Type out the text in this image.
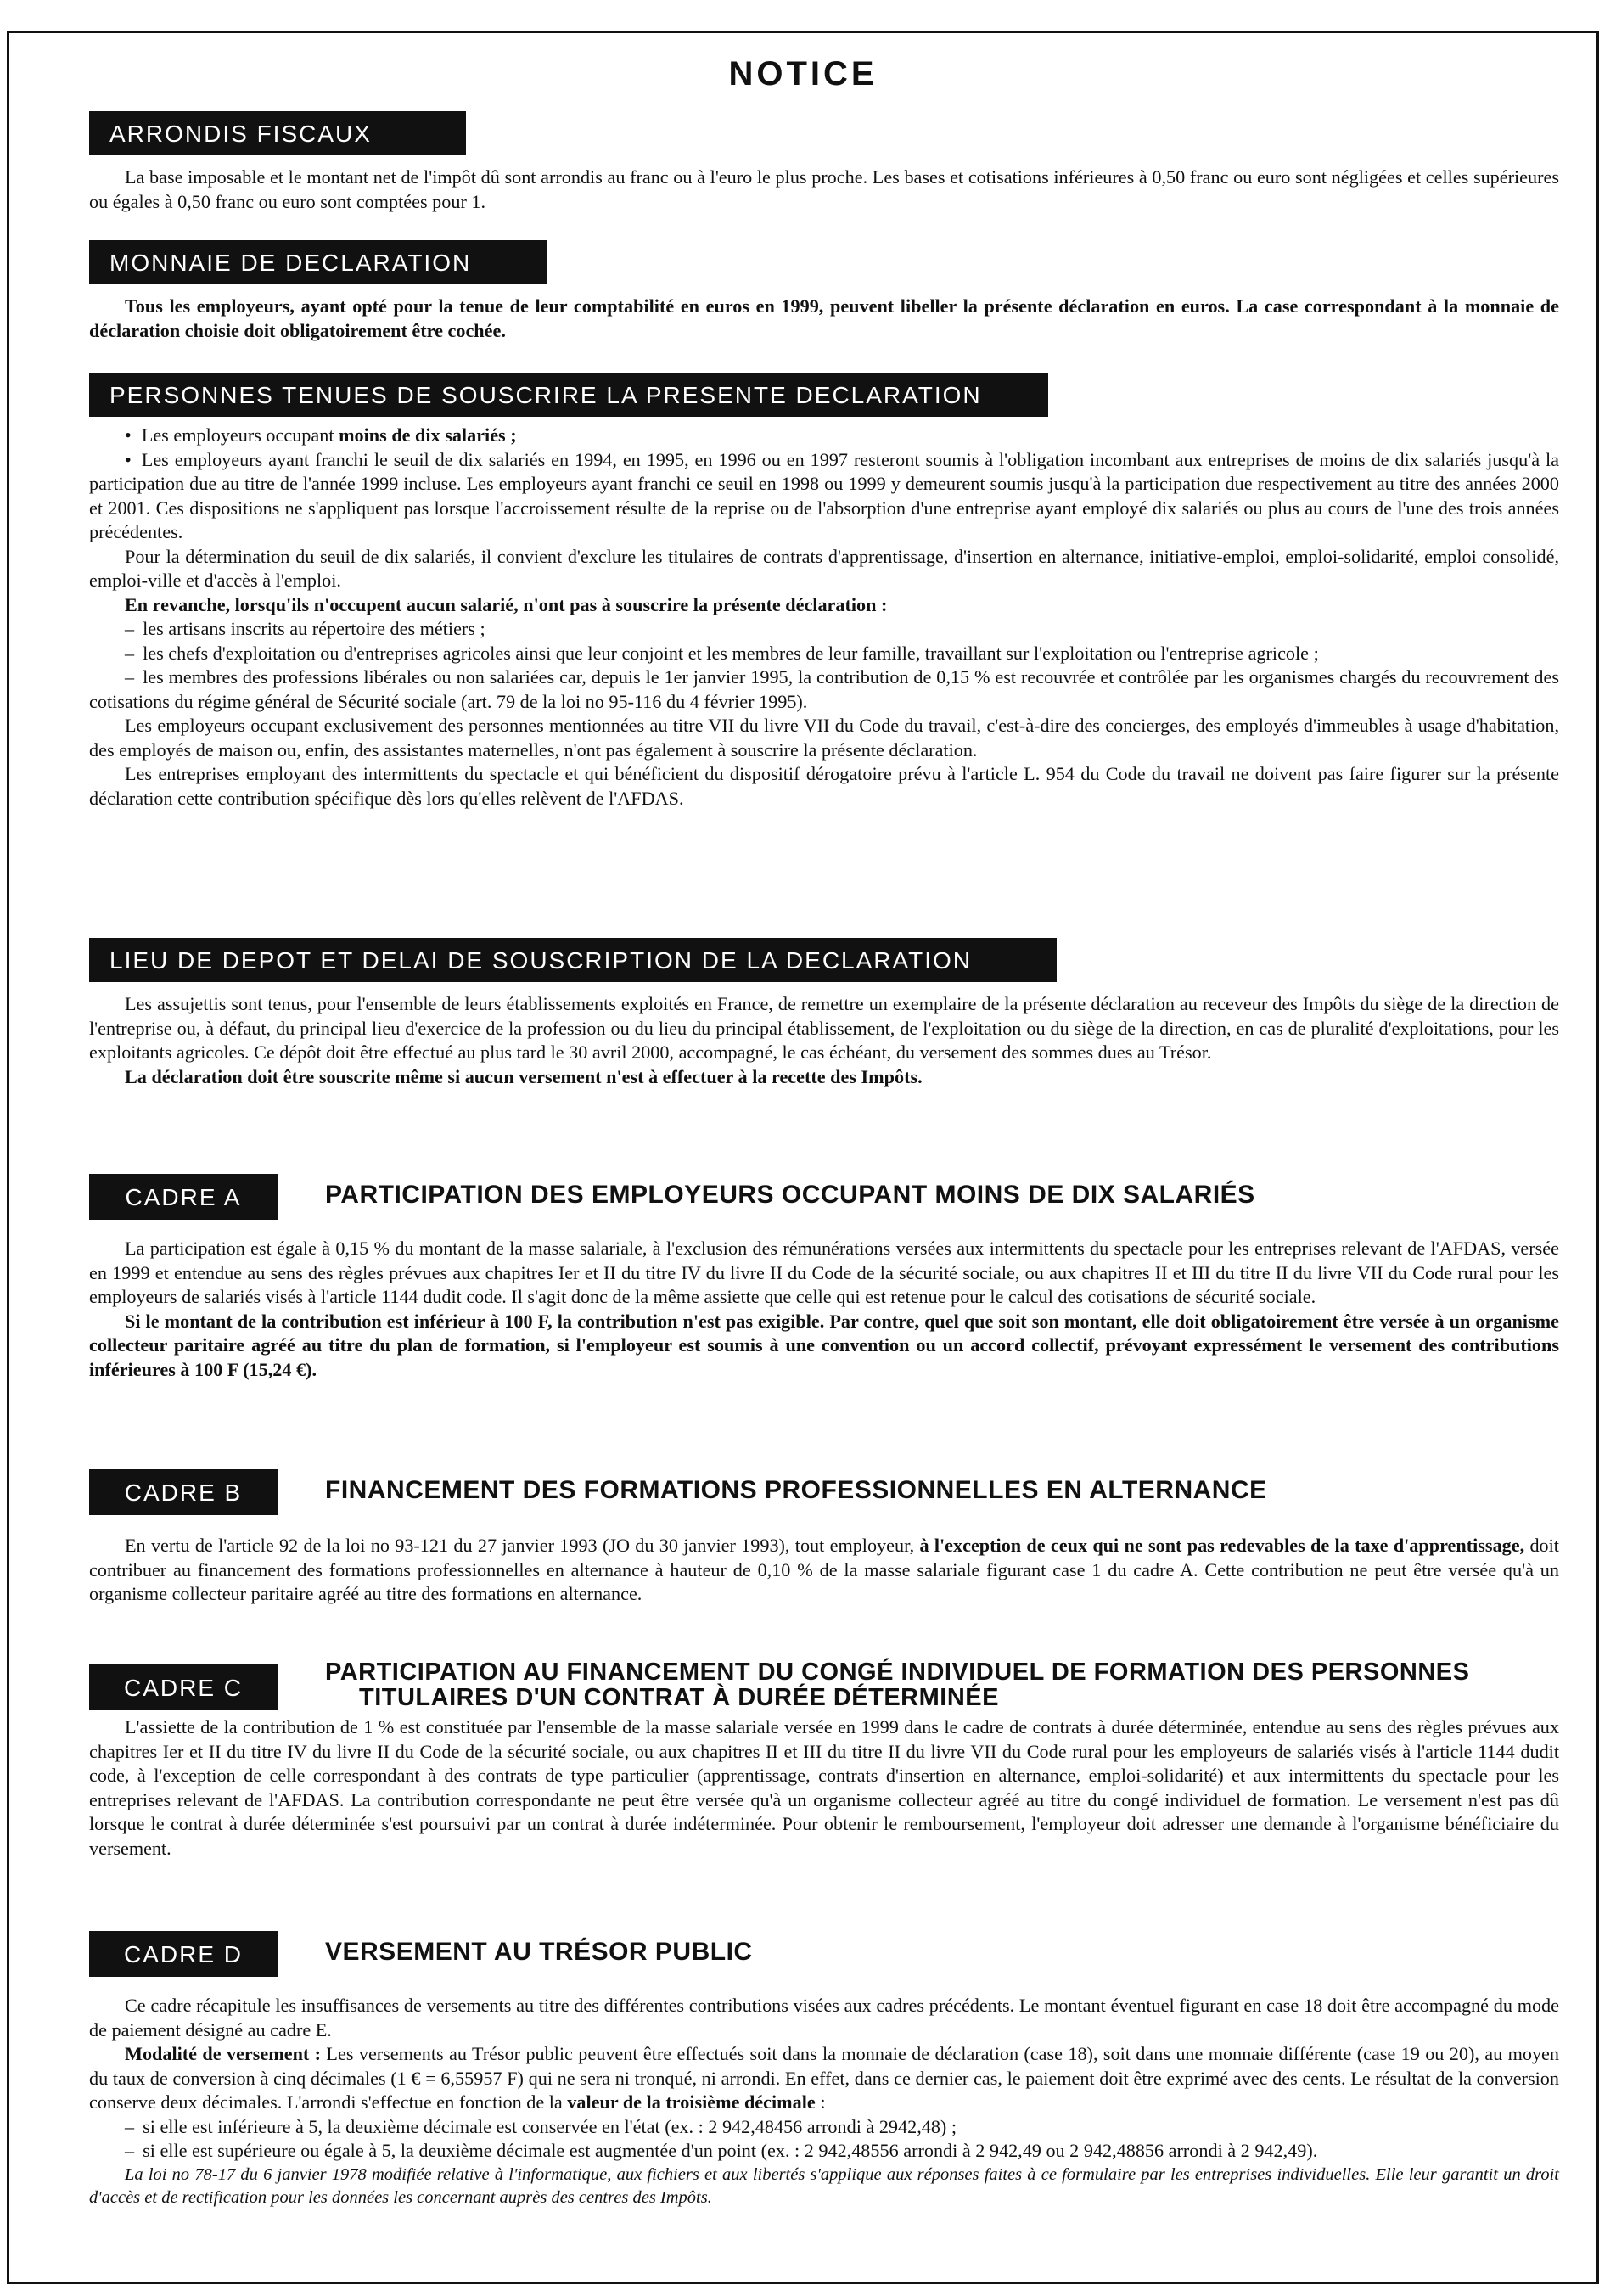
NOTICE
ARRONDIS FISCAUX

La base imposable et le montant net de l'impôt dû sont arrondis au franc ou à l'euro le plus proche. Les bases et cotisations inférieures à 0,50 franc ou euro sont négligées et celles supérieures ou égales à 0,50 franc ou euro sont comptées pour 1.

MONNAIE DE DECLARATION

Tous les employeurs, ayant opté pour la tenue de leur comptabilité en euros en 1999, peuvent libeller la présente déclaration en euros. La case correspondant à la monnaie de déclaration choisie doit obligatoirement être cochée.

PERSONNES TENUES DE SOUSCRIRE LA PRESENTE DECLARATION

• Les employeurs occupant moins de dix salariés ;

• Les employeurs ayant franchi le seuil de dix salariés en 1994, en 1995, en 1996 ou en 1997 resteront soumis à l'obligation incombant aux entreprises de moins de dix salariés jusqu'à la participation due au titre de l'année 1999 incluse. Les employeurs ayant franchi ce seuil en 1998 ou 1999 y demeurent soumis jusqu'à la participation due respectivement au titre des années 2000 et 2001. Ces dispositions ne s'appliquent pas lorsque l'accroissement résulte de la reprise ou de l'absorption d'une entreprise ayant employé dix salariés ou plus au cours de l'une des trois années précédentes.

Pour la détermination du seuil de dix salariés, il convient d'exclure les titulaires de contrats d'apprentissage, d'insertion en alternance, initiative-emploi, emploi-solidarité, emploi consolidé, emploi-ville et d'accès à l'emploi.

En revanche, lorsqu'ils n'occupent aucun salarié, n'ont pas à souscrire la présente déclaration :

– les artisans inscrits au répertoire des métiers ;

– les chefs d'exploitation ou d'entreprises agricoles ainsi que leur conjoint et les membres de leur famille, travaillant sur l'exploitation ou l'entreprise agricole ;

– les membres des professions libérales ou non salariées car, depuis le 1er janvier 1995, la contribution de 0,15 % est recouvrée et contrôlée par les organismes chargés du recouvrement des cotisations du régime général de Sécurité sociale (art. 79 de la loi no 95-116 du 4 février 1995).

Les employeurs occupant exclusivement des personnes mentionnées au titre VII du livre VII du Code du travail, c'est-à-dire des concierges, des employés d'immeubles à usage d'habitation, des employés de maison ou, enfin, des assistantes maternelles, n'ont pas également à souscrire la présente déclaration.

Les entreprises employant des intermittents du spectacle et qui bénéficient du dispositif dérogatoire prévu à l'article L. 954 du Code du travail ne doivent pas faire figurer sur la présente déclaration cette contribution spécifique dès lors qu'elles relèvent de l'AFDAS.

LIEU DE DEPOT ET DELAI DE SOUSCRIPTION DE LA DECLARATION

Les assujettis sont tenus, pour l'ensemble de leurs établissements exploités en France, de remettre un exemplaire de la présente déclaration au receveur des Impôts du siège de la direction de l'entreprise ou, à défaut, du principal lieu d'exercice de la profession ou du lieu du principal établissement, de l'exploitation ou du siège de la direction, en cas de pluralité d'exploitations, pour les exploitants agricoles. Ce dépôt doit être effectué au plus tard le 30 avril 2000, accompagné, le cas échéant, du versement des sommes dues au Trésor.

La déclaration doit être souscrite même si aucun versement n'est à effectuer à la recette des Impôts.

CADRE A	PARTICIPATION DES EMPLOYEURS OCCUPANT MOINS DE DIX SALARIÉS

La participation est égale à 0,15 % du montant de la masse salariale, à l'exclusion des rémunérations versées aux intermittents du spectacle pour les entreprises relevant de l'AFDAS, versée en 1999 et entendue au sens des règles prévues aux chapitres Ier et II du titre IV du livre II du Code de la sécurité sociale, ou aux chapitres II et III du titre II du livre VII du Code rural pour les employeurs de salariés visés à l'article 1144 dudit code. Il s'agit donc de la même assiette que celle qui est retenue pour le calcul des cotisations de sécurité sociale.

Si le montant de la contribution est inférieur à 100 F, la contribution n'est pas exigible. Par contre, quel que soit son montant, elle doit obligatoirement être versée à un organisme collecteur paritaire agréé au titre du plan de formation, si l'employeur est soumis à une convention ou un accord collectif, prévoyant expressément le versement des contributions inférieures à 100 F (15,24 €).

CADRE B	FINANCEMENT DES FORMATIONS PROFESSIONNELLES EN ALTERNANCE

En vertu de l'article 92 de la loi no 93-121 du 27 janvier 1993 (JO du 30 janvier 1993), tout employeur, à l'exception de ceux qui ne sont pas redevables de la taxe d'apprentissage, doit contribuer au financement des formations professionnelles en alternance à hauteur de 0,10 % de la masse salariale figurant case 1 du cadre A. Cette contribution ne peut être versée qu'à un organisme collecteur paritaire agréé au titre des formations en alternance.

CADRE C
PARTICIPATION AU FINANCEMENT DU CONGÉ INDIVIDUEL DE FORMATION DES PERSONNES
TITULAIRES D'UN CONTRAT À DURÉE DÉTERMINÉE

L'assiette de la contribution de 1 % est constituée par l'ensemble de la masse salariale versée en 1999 dans le cadre de contrats à durée déterminée, entendue au sens des règles prévues aux chapitres Ier et II du titre IV du livre II du Code de la sécurité sociale, ou aux chapitres II et III du titre II du livre VII du Code rural pour les employeurs de salariés visés à l'article 1144 dudit code, à l'exception de celle correspondant à des contrats de type particulier (apprentissage, contrats d'insertion en alternance, emploi-solidarité) et aux intermittents du spectacle pour les entreprises relevant de l'AFDAS. La contribution correspondante ne peut être versée qu'à un organisme collecteur agréé au titre du congé individuel de formation. Le versement n'est pas dû lorsque le contrat à durée déterminée s'est poursuivi par un contrat à durée indéterminée. Pour obtenir le remboursement, l'employeur doit adresser une demande à l'organisme bénéficiaire du versement.

CADRE D	VERSEMENT AU TRÉSOR PUBLIC

Ce cadre récapitule les insuffisances de versements au titre des différentes contributions visées aux cadres précédents. Le montant éventuel figurant en case 18 doit être accompagné du mode de paiement désigné au cadre E.

Modalité de versement : Les versements au Trésor public peuvent être effectués soit dans la monnaie de déclaration (case 18), soit dans une monnaie différente (case 19 ou 20), au moyen du taux de conversion à cinq décimales (1 € = 6,55957 F) qui ne sera ni tronqué, ni arrondi. En effet, dans ce dernier cas, le paiement doit être exprimé avec des cents. Le résultat de la conversion conserve deux décimales. L'arrondi s'effectue en fonction de la valeur de la troisième décimale :

– si elle est inférieure à 5, la deuxième décimale est conservée en l'état (ex. : 2 942,48456 arrondi à 2942,48) ;

– si elle est supérieure ou égale à 5, la deuxième décimale est augmentée d'un point (ex. : 2 942,48556 arrondi à 2 942,49 ou 2 942,48856 arrondi à 2 942,49).

La loi no 78-17 du 6 janvier 1978 modifiée relative à l'informatique, aux fichiers et aux libertés s'applique aux réponses faites à ce formulaire par les entreprises individuelles. Elle leur garantit un droit d'accès et de rectification pour les données les concernant auprès des centres des Impôts.
